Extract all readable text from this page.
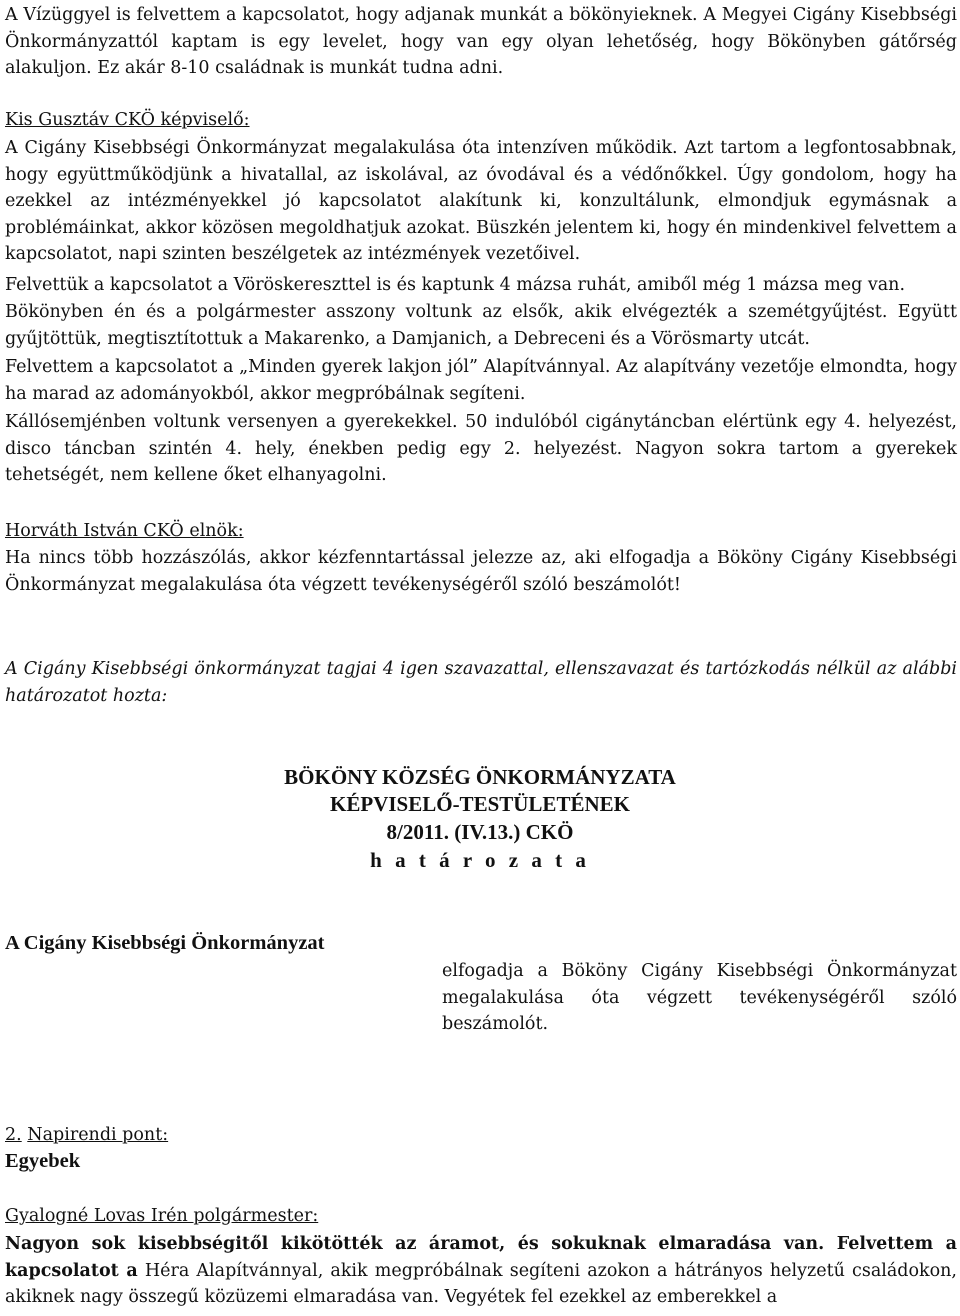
A Vízüggyel is felvettem a kapcsolatot, hogy adjanak munkát a bökönyieknek. A Megyei Cigány Kisebbségi Önkormányzattól kaptam is egy levelet, hogy van egy olyan lehetőség, hogy Bökönyben gátőrség alakuljon. Ez akár 8-10 családnak is munkát tudna adni.

Kis Gusztáv CKÖ képviselő:

A Cigány Kisebbségi Önkormányzat megalakulása óta intenzíven működik. Azt tartom a legfontosabbnak, hogy együttműködjünk a hivatallal, az iskolával, az óvodával és a védőnőkkel. Úgy gondolom, hogy ha ezekkel az intézményekkel jó kapcsolatot alakítunk ki, konzultálunk, elmondjuk egymásnak a problémáinkat, akkor közösen megoldhatjuk azokat. Büszkén jelentem ki, hogy én mindenkivel felvettem a kapcsolatot, napi szinten beszélgetek az intézmények vezetőivel.

Felvettük a kapcsolatot a Vöröskereszttel is és kaptunk 4 mázsa ruhát, amiből még 1 mázsa meg van.

Bökönyben én és a polgármester asszony voltunk az elsők, akik elvégezték a szemétgyűjtést. Együtt gyűjtöttük, megtisztítottuk a Makarenko, a Damjanich, a Debreceni és a Vörösmarty utcát.

Felvettem a kapcsolatot a „Minden gyerek lakjon jól” Alapítvánnyal. Az alapítvány vezetője elmondta, hogy ha marad az adományokból, akkor megpróbálnak segíteni.

Kállósemjénben voltunk versenyen a gyerekekkel. 50 indulóból cigánytáncban elértünk egy 4. helyezést, disco táncban szintén 4. hely, énekben pedig egy 2. helyezést. Nagyon sokra tartom a gyerekek tehetségét, nem kellene őket elhanyagolni.

Horváth István CKÖ elnök:

Ha nincs több hozzászólás, akkor kézfenntartással jelezze az, aki elfogadja a Bököny Cigány Kisebbségi Önkormányzat megalakulása óta végzett tevékenységéről szóló beszámolót!

A Cigány Kisebbségi önkormányzat tagjai 4 igen szavazattal, ellenszavazat és tartózkodás nélkül az alábbi határozatot hozta:

BÖKÖNY KÖZSÉG ÖNKORMÁNYZATA

KÉPVISELŐ-TESTÜLETÉNEK

8/2011. (IV.13.) CKÖ

h a t á r o z a t a

A Cigány Kisebbségi Önkormányzat

elfogadja a Bököny Cigány Kisebbségi Önkormányzat megalakulása óta végzett tevékenységéről szóló beszámolót.

2. Napirendi pont:

Egyebek

Gyalogné Lovas Irén polgármester:

Nagyon sok kisebbségitől kikötötték az áramot, és sokuknak elmaradása van. Felvettem a kapcsolatot a Héra Alapítvánnyal, akik megpróbálnak segíteni azokon a hátrányos helyzetű családokon, akiknek nagy összegű közüzemi elmaradása van. Vegyétek fel ezekkel az emberekkel a
